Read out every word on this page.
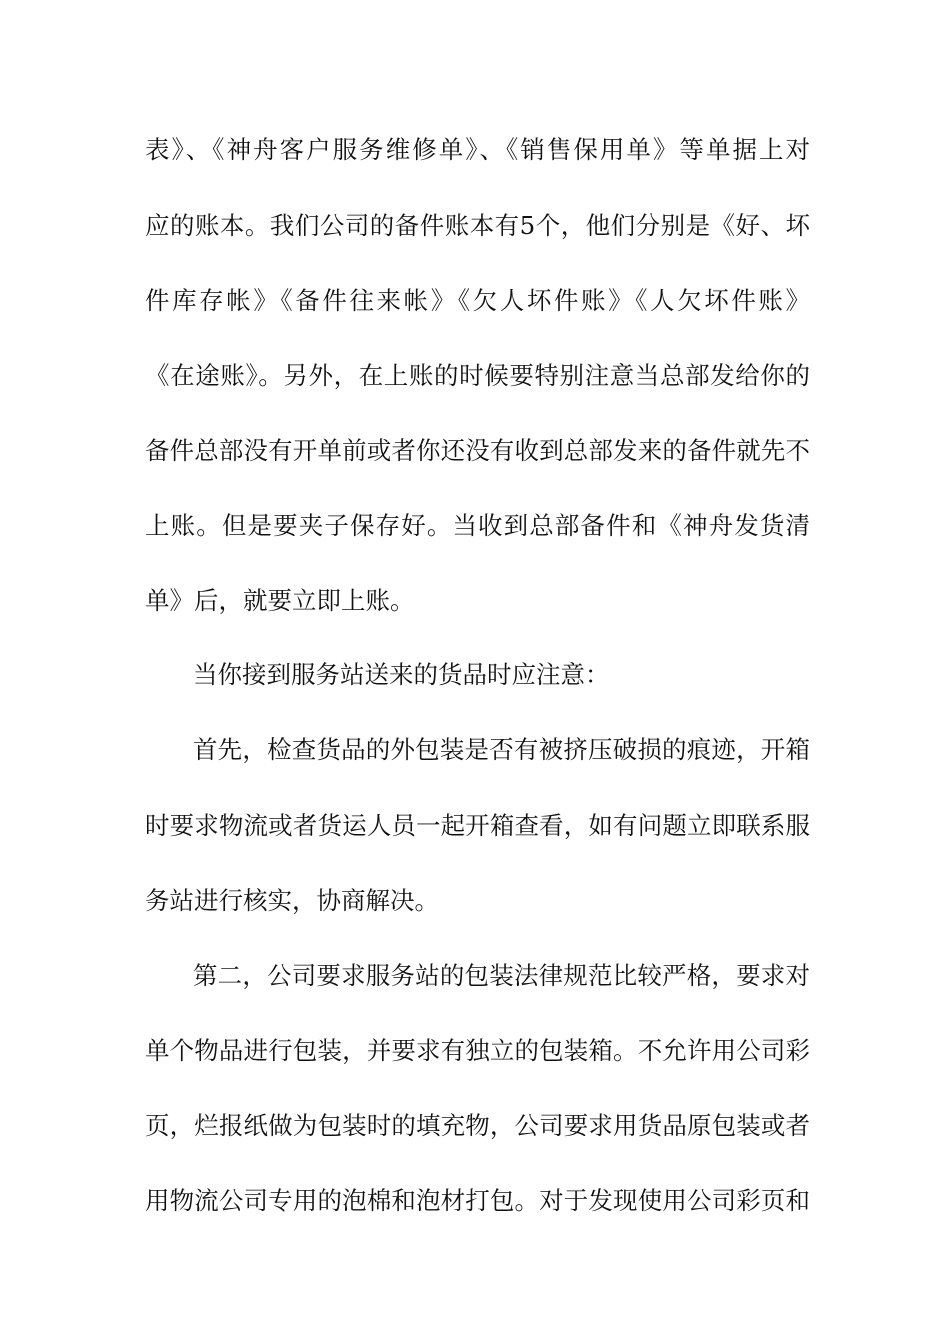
表》、《神舟客户服务维修单》、《销售保用单》等单据上对
应的账本。我们公司的备件账本有5个，他们分别是《好、坏
件库存帐》《备件往来帐》《欠人坏件账》《人欠坏件账》
《在途账》。另外，在上账的时候要特别注意当总部发给你的
备件总部没有开单前或者你还没有收到总部发来的备件就先不
上账。但是要夹子保存好。当收到总部备件和《神舟发货清
单》后，就要立即上账。
当你接到服务站送来的货品时应注意：
首先，检查货品的外包装是否有被挤压破损的痕迹，开箱
时要求物流或者货运人员一起开箱查看，如有问题立即联系服
务站进行核实，协商解决。
第二，公司要求服务站的包装法律规范比较严格，要求对
单个物品进行包装，并要求有独立的包装箱。不允许用公司彩
页，烂报纸做为包装时的填充物，公司要求用货品原包装或者
用物流公司专用的泡棉和泡材打包。对于发现使用公司彩页和
